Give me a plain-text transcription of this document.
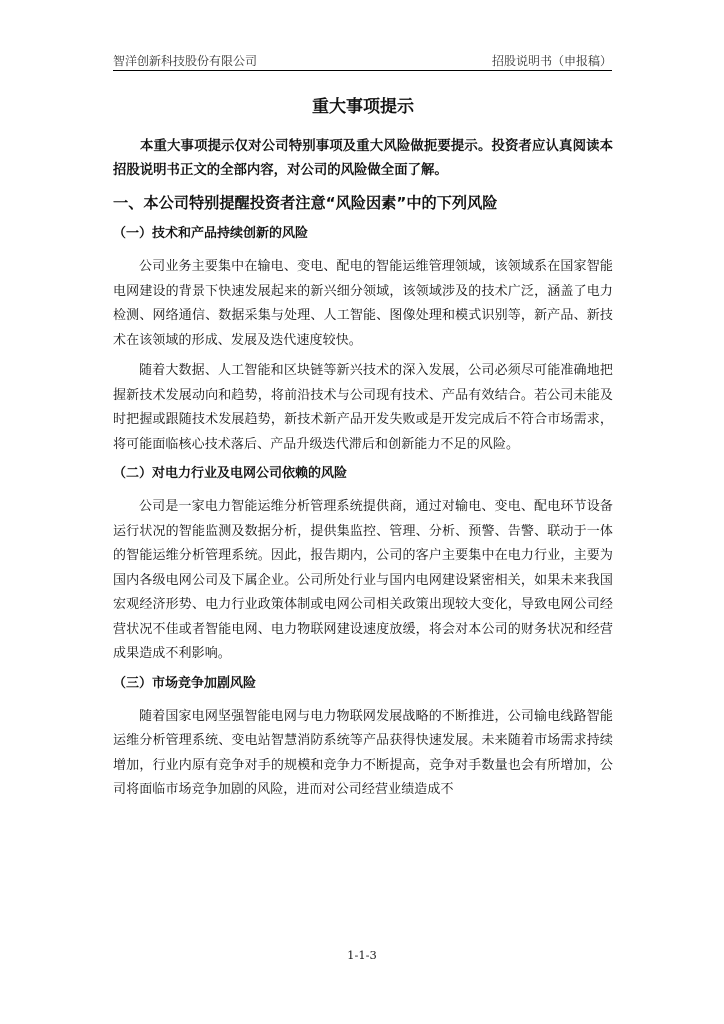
智洋创新科技股份有限公司	招股说明书（申报稿）
重大事项提示

本重大事项提示仅对公司特别事项及重大风险做扼要提示。投资者应认真阅读本招股说明书正文的全部内容，对公司的风险做全面了解。

一、本公司特别提醒投资者注意“风险因素”中的下列风险
（一）技术和产品持续创新的风险

公司业务主要集中在输电、变电、配电的智能运维管理领域，该领域系在国家智能电网建设的背景下快速发展起来的新兴细分领域，该领域涉及的技术广泛，涵盖了电力检测、网络通信、数据采集与处理、人工智能、图像处理和模式识别等，新产品、新技术在该领域的形成、发展及迭代速度较快。

随着大数据、人工智能和区块链等新兴技术的深入发展，公司必须尽可能准确地把握新技术发展动向和趋势，将前沿技术与公司现有技术、产品有效结合。若公司未能及时把握或跟随技术发展趋势，新技术新产品开发失败或是开发完成后不符合市场需求，将可能面临核心技术落后、产品升级迭代滞后和创新能力不足的风险。

（二）对电力行业及电网公司依赖的风险

公司是一家电力智能运维分析管理系统提供商，通过对输电、变电、配电环节设备运行状况的智能监测及数据分析，提供集监控、管理、分析、预警、告警、联动于一体的智能运维分析管理系统。因此，报告期内，公司的客户主要集中在电力行业，主要为国内各级电网公司及下属企业。公司所处行业与国内电网建设紧密相关，如果未来我国宏观经济形势、电力行业政策体制或电网公司相关政策出现较大变化，导致电网公司经营状况不佳或者智能电网、电力物联网建设速度放缓，将会对本公司的财务状况和经营成果造成不利影响。

（三）市场竞争加剧风险

随着国家电网坚强智能电网与电力物联网发展战略的不断推进，公司输电线路智能运维分析管理系统、变电站智慧消防系统等产品获得快速发展。未来随着市场需求持续增加，行业内原有竞争对手的规模和竞争力不断提高，竞争对手数量也会有所增加，公司将面临市场竞争加剧的风险，进而对公司经营业绩造成不

1-1-3
